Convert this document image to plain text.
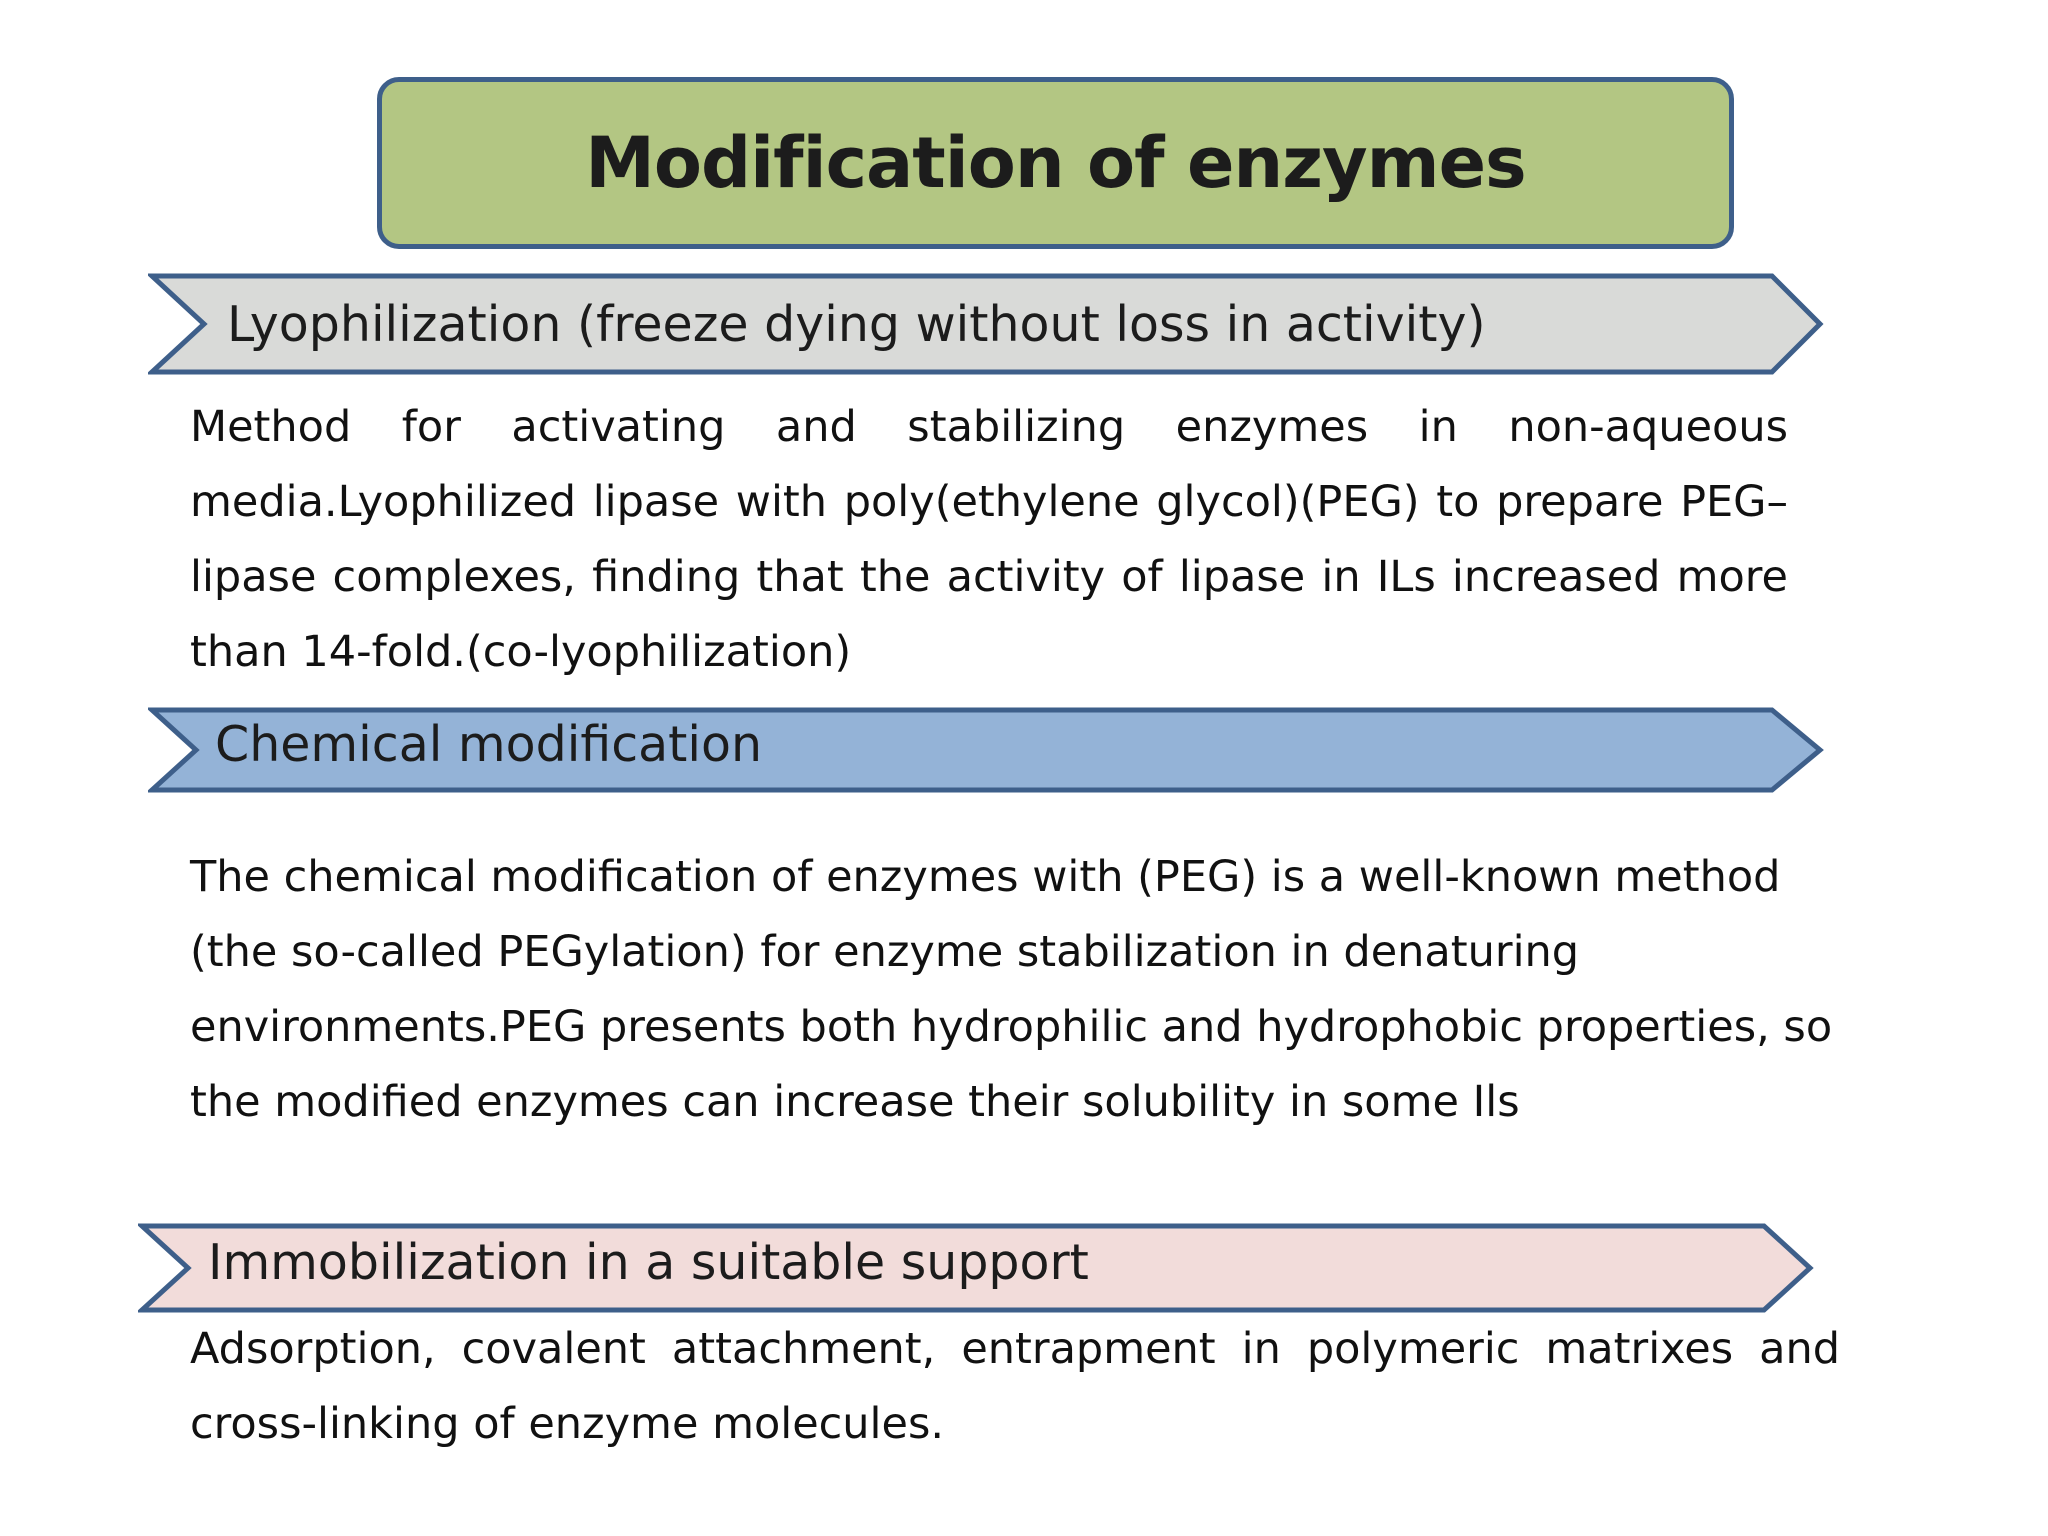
Modification of enzymes
Lyophilization (freeze dying without loss in activity)

Method for activating and stabilizing enzymes in non-aqueous media.Lyophilized lipase with poly(ethylene glycol)(PEG) to prepare PEG– lipase complexes, finding that the activity of lipase in ILs increased more than 14-fold.(co-lyophilization)

Chemical modification

The chemical modification of enzymes with (PEG) is a well-known method (the so-called PEGylation) for enzyme stabilization in denaturing environments.PEG presents both hydrophilic and hydrophobic properties, so the modified enzymes can increase their solubility in some Ils

Immobilization in a suitable support

Adsorption, covalent attachment, entrapment in polymeric matrixes and cross-linking of enzyme molecules.
